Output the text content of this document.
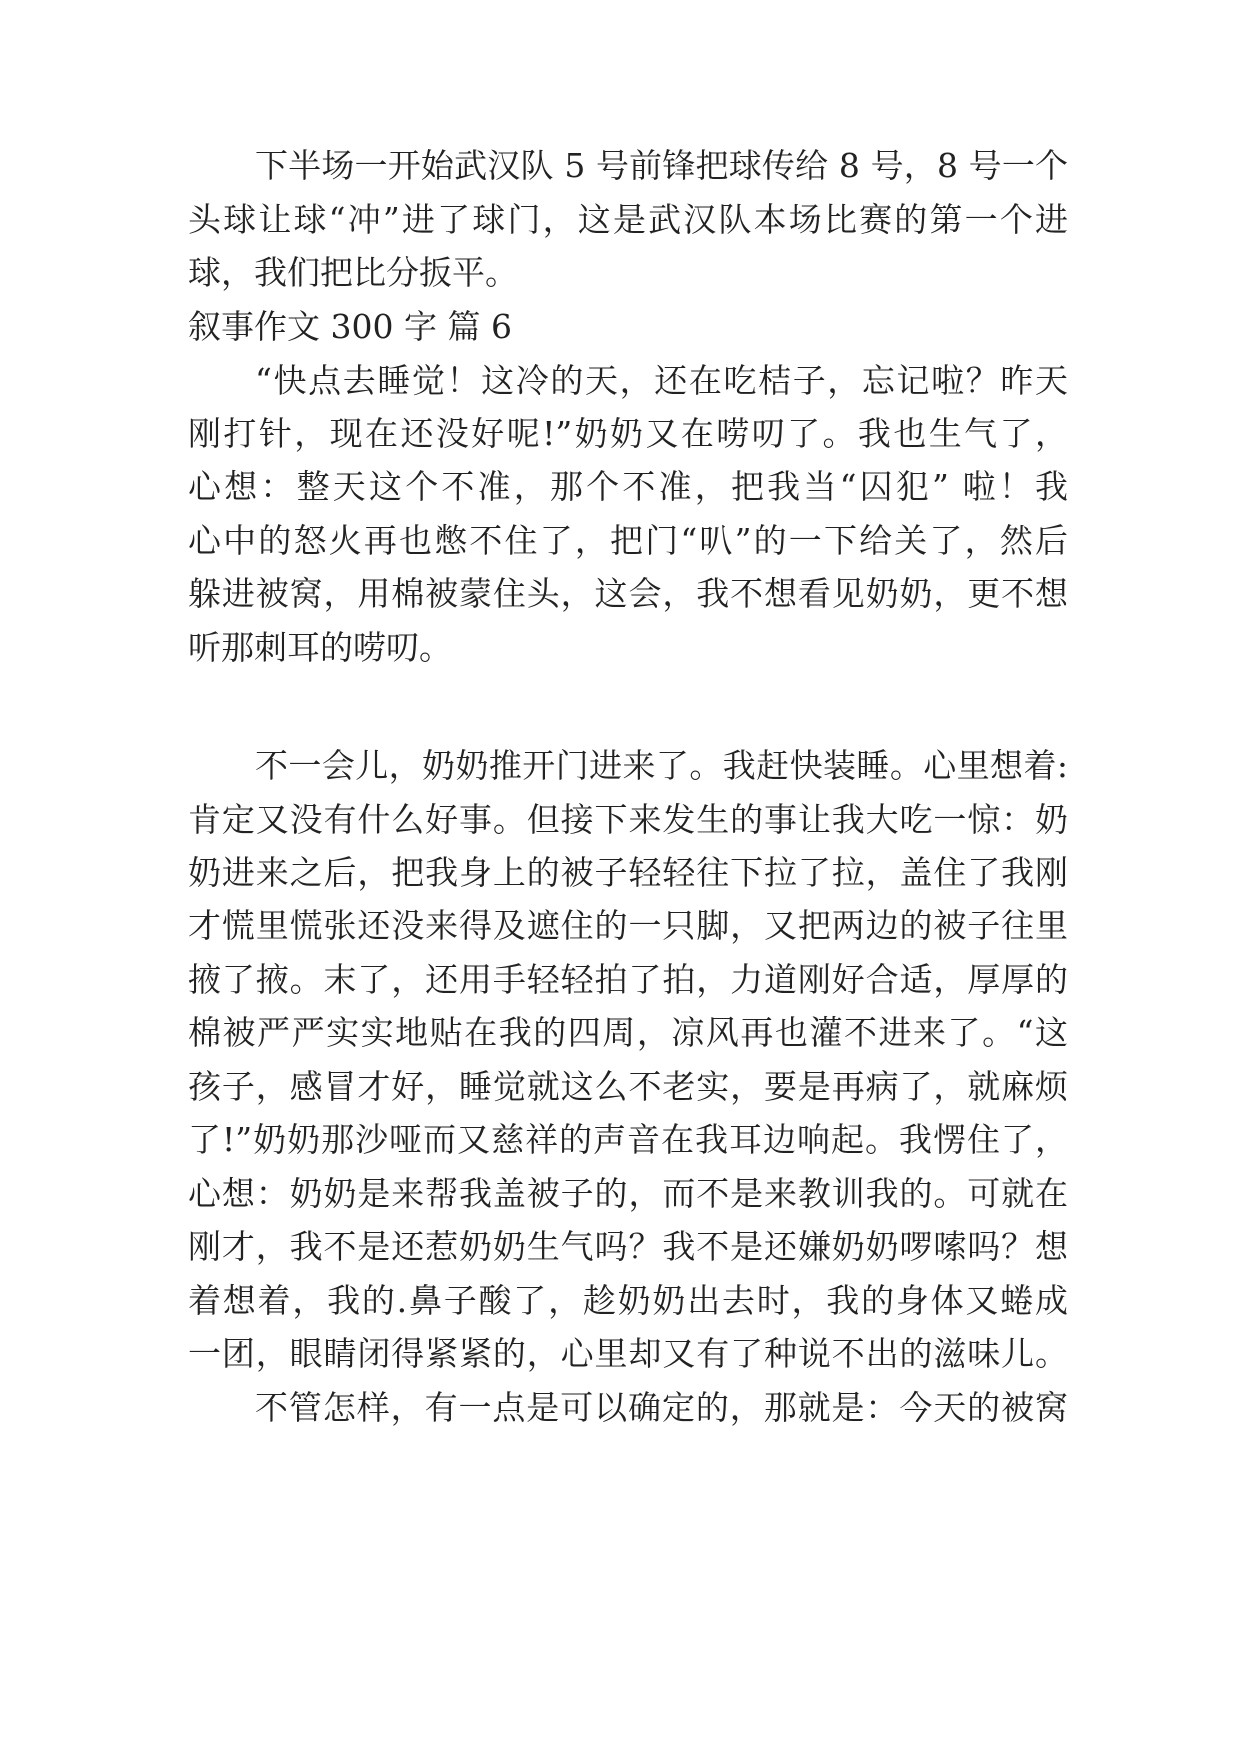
下半场一开始武汉队 5 号前锋把球传给 8 号，8 号一个

头球让球“冲”进了球门，这是武汉队本场比赛的第一个进

球，我们把比分扳平。

叙事作文 300 字 篇 6

“快点去睡觉！这冷的天，还在吃桔子，忘记啦？昨天

刚打针，现在还没好呢!”奶奶又在唠叨了。我也生气了，

心想：整天这个不准，那个不准，把我当“囚犯” 啦！我

心中的怒火再也憋不住了，把门“叭”的一下给关了，然后

躲进被窝，用棉被蒙住头，这会，我不想看见奶奶，更不想

听那刺耳的唠叨。

不一会儿，奶奶推开门进来了。我赶快装睡。心里想着:

肯定又没有什么好事。但接下来发生的事让我大吃一惊：奶

奶进来之后，把我身上的被子轻轻往下拉了拉，盖住了我刚

才慌里慌张还没来得及遮住的一只脚，又把两边的被子往里

掖了掖。末了，还用手轻轻拍了拍，力道刚好合适，厚厚的

棉被严严实实地贴在我的四周，凉风再也灌不进来了。“这

孩子，感冒才好，睡觉就这么不老实，要是再病了，就麻烦

了!”奶奶那沙哑而又慈祥的声音在我耳边响起。我愣住了，

心想：奶奶是来帮我盖被子的，而不是来教训我的。可就在

刚才，我不是还惹奶奶生气吗？我不是还嫌奶奶啰嗦吗？想

着想着，我的.鼻子酸了，趁奶奶出去时，我的身体又蜷成

一团，眼睛闭得紧紧的，心里却又有了种说不出的滋味儿。

不管怎样，有一点是可以确定的，那就是：今天的被窝
